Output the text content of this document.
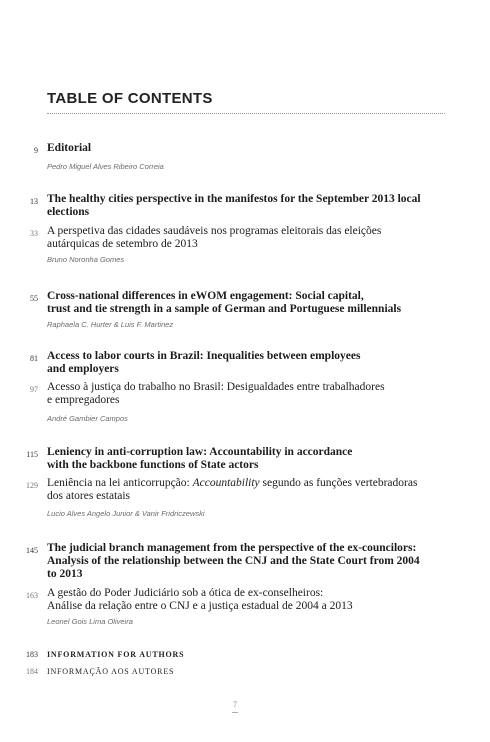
TABLE OF CONTENTS
9 Editorial
Pedro Miguel Alves Ribeiro Correia
13 The healthy cities perspective in the manifestos for the September 2013 local
elections
33 A perspetiva das cidades saudáveis nos programas eleitorais das eleições
autárquicas de setembro de 2013
Bruno Noronha Gomes
55 Cross-national differences in eWOM engagement: Social capital,
trust and tie strength in a sample of German and Portuguese millennials
Raphaela C. Hurter & Luis F. Martinez
81 Access to labor courts in Brazil: Inequalities between employees
and employers
97 Acesso à justiça do trabalho no Brasil: Desigualdades entre trabalhadores
e empregadores
André Gambier Campos
115 Leniency in anti-corruption law: Accountability in accordance
with the backbone functions of State actors
129 Leniência na lei anticorrupção: Accountability segundo as funções vertebradoras
dos atores estatais
Lucio Alves Angelo Junior & Vanir Fridriczewski
145 The judicial branch management from the perspective of the ex-councilors:
Analysis of the relationship between the CNJ and the State Court from 2004
to 2013
163 A gestão do Poder Judiciário sob a ótica de ex-conselheiros:
Análise da relação entre o CNJ e a justiça estadual de 2004 a 2013
Leonel Gois Lima Oliveira
183 INFORMATION FOR AUTHORS
184 INFORMAÇÃO AOS AUTORES
7
